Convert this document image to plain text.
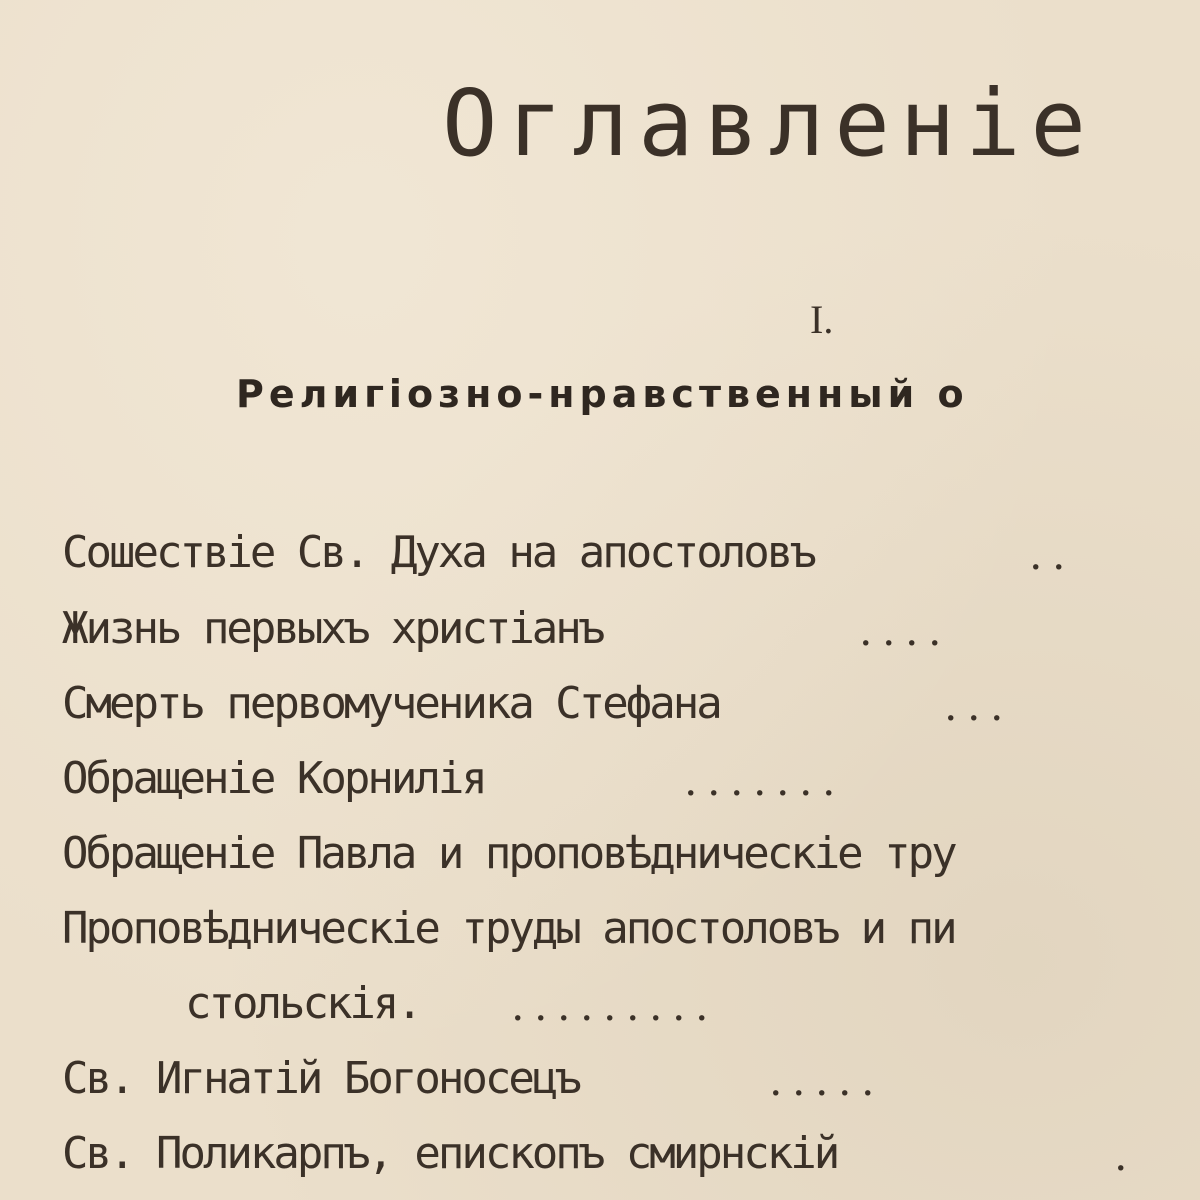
Оглавленіе
I.
Религіозно-нравственный о
Сошествіе Св. Духа на апостоловъ	. .
Жизнь первыхъ христіанъ	. . . .
Смерть первомученика Стефана	. . .
Обращеніе Корнилія	. . . . . . .
Обращеніе Павла и проповѣдническіе тру
Проповѣдническіе труды апостоловъ и пи
стольскія. . . . . . . . . .
Св. Игнатій Богоносецъ	. . . . .
Св. Поликарпъ, епископъ смирнскій	.
